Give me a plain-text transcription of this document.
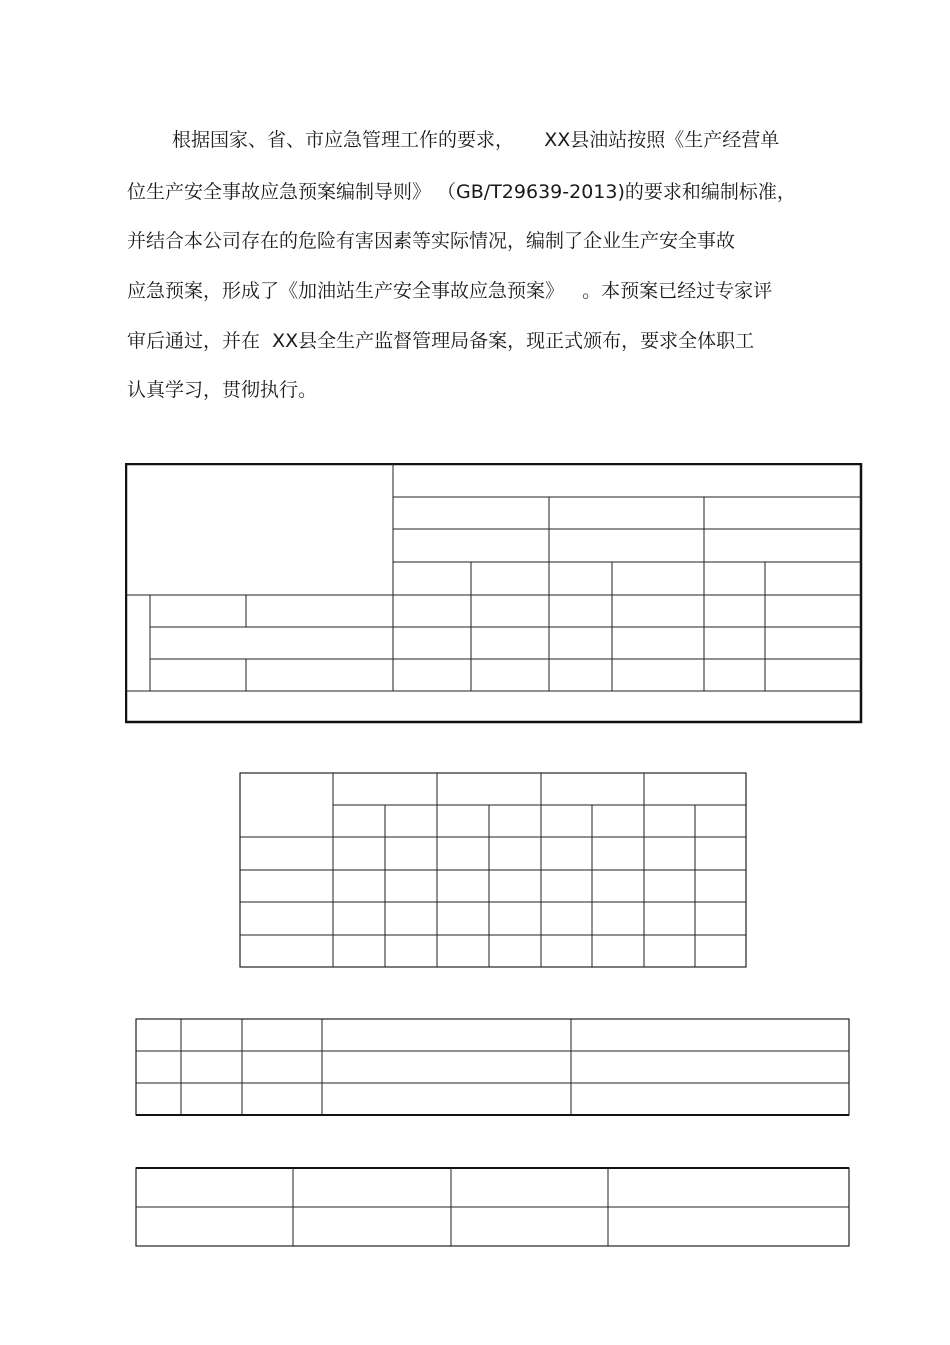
根据国家、省、市应急管理工作的要求，     XX县油站按照《生产经营单
位生产安全事故应急预案编制导则》 （GB/T29639-2013)的要求和编制标准，
并结合本公司存在的危险有害因素等实际情况，编制了企业生产安全事故
应急预案，形成了《加油站生产安全事故应急预案》   。本预案已经过专家评
审后通过，并在  XX县全生产监督管理局备案，现正式颁布，要求全体职工
认真学习，贯彻执行。
